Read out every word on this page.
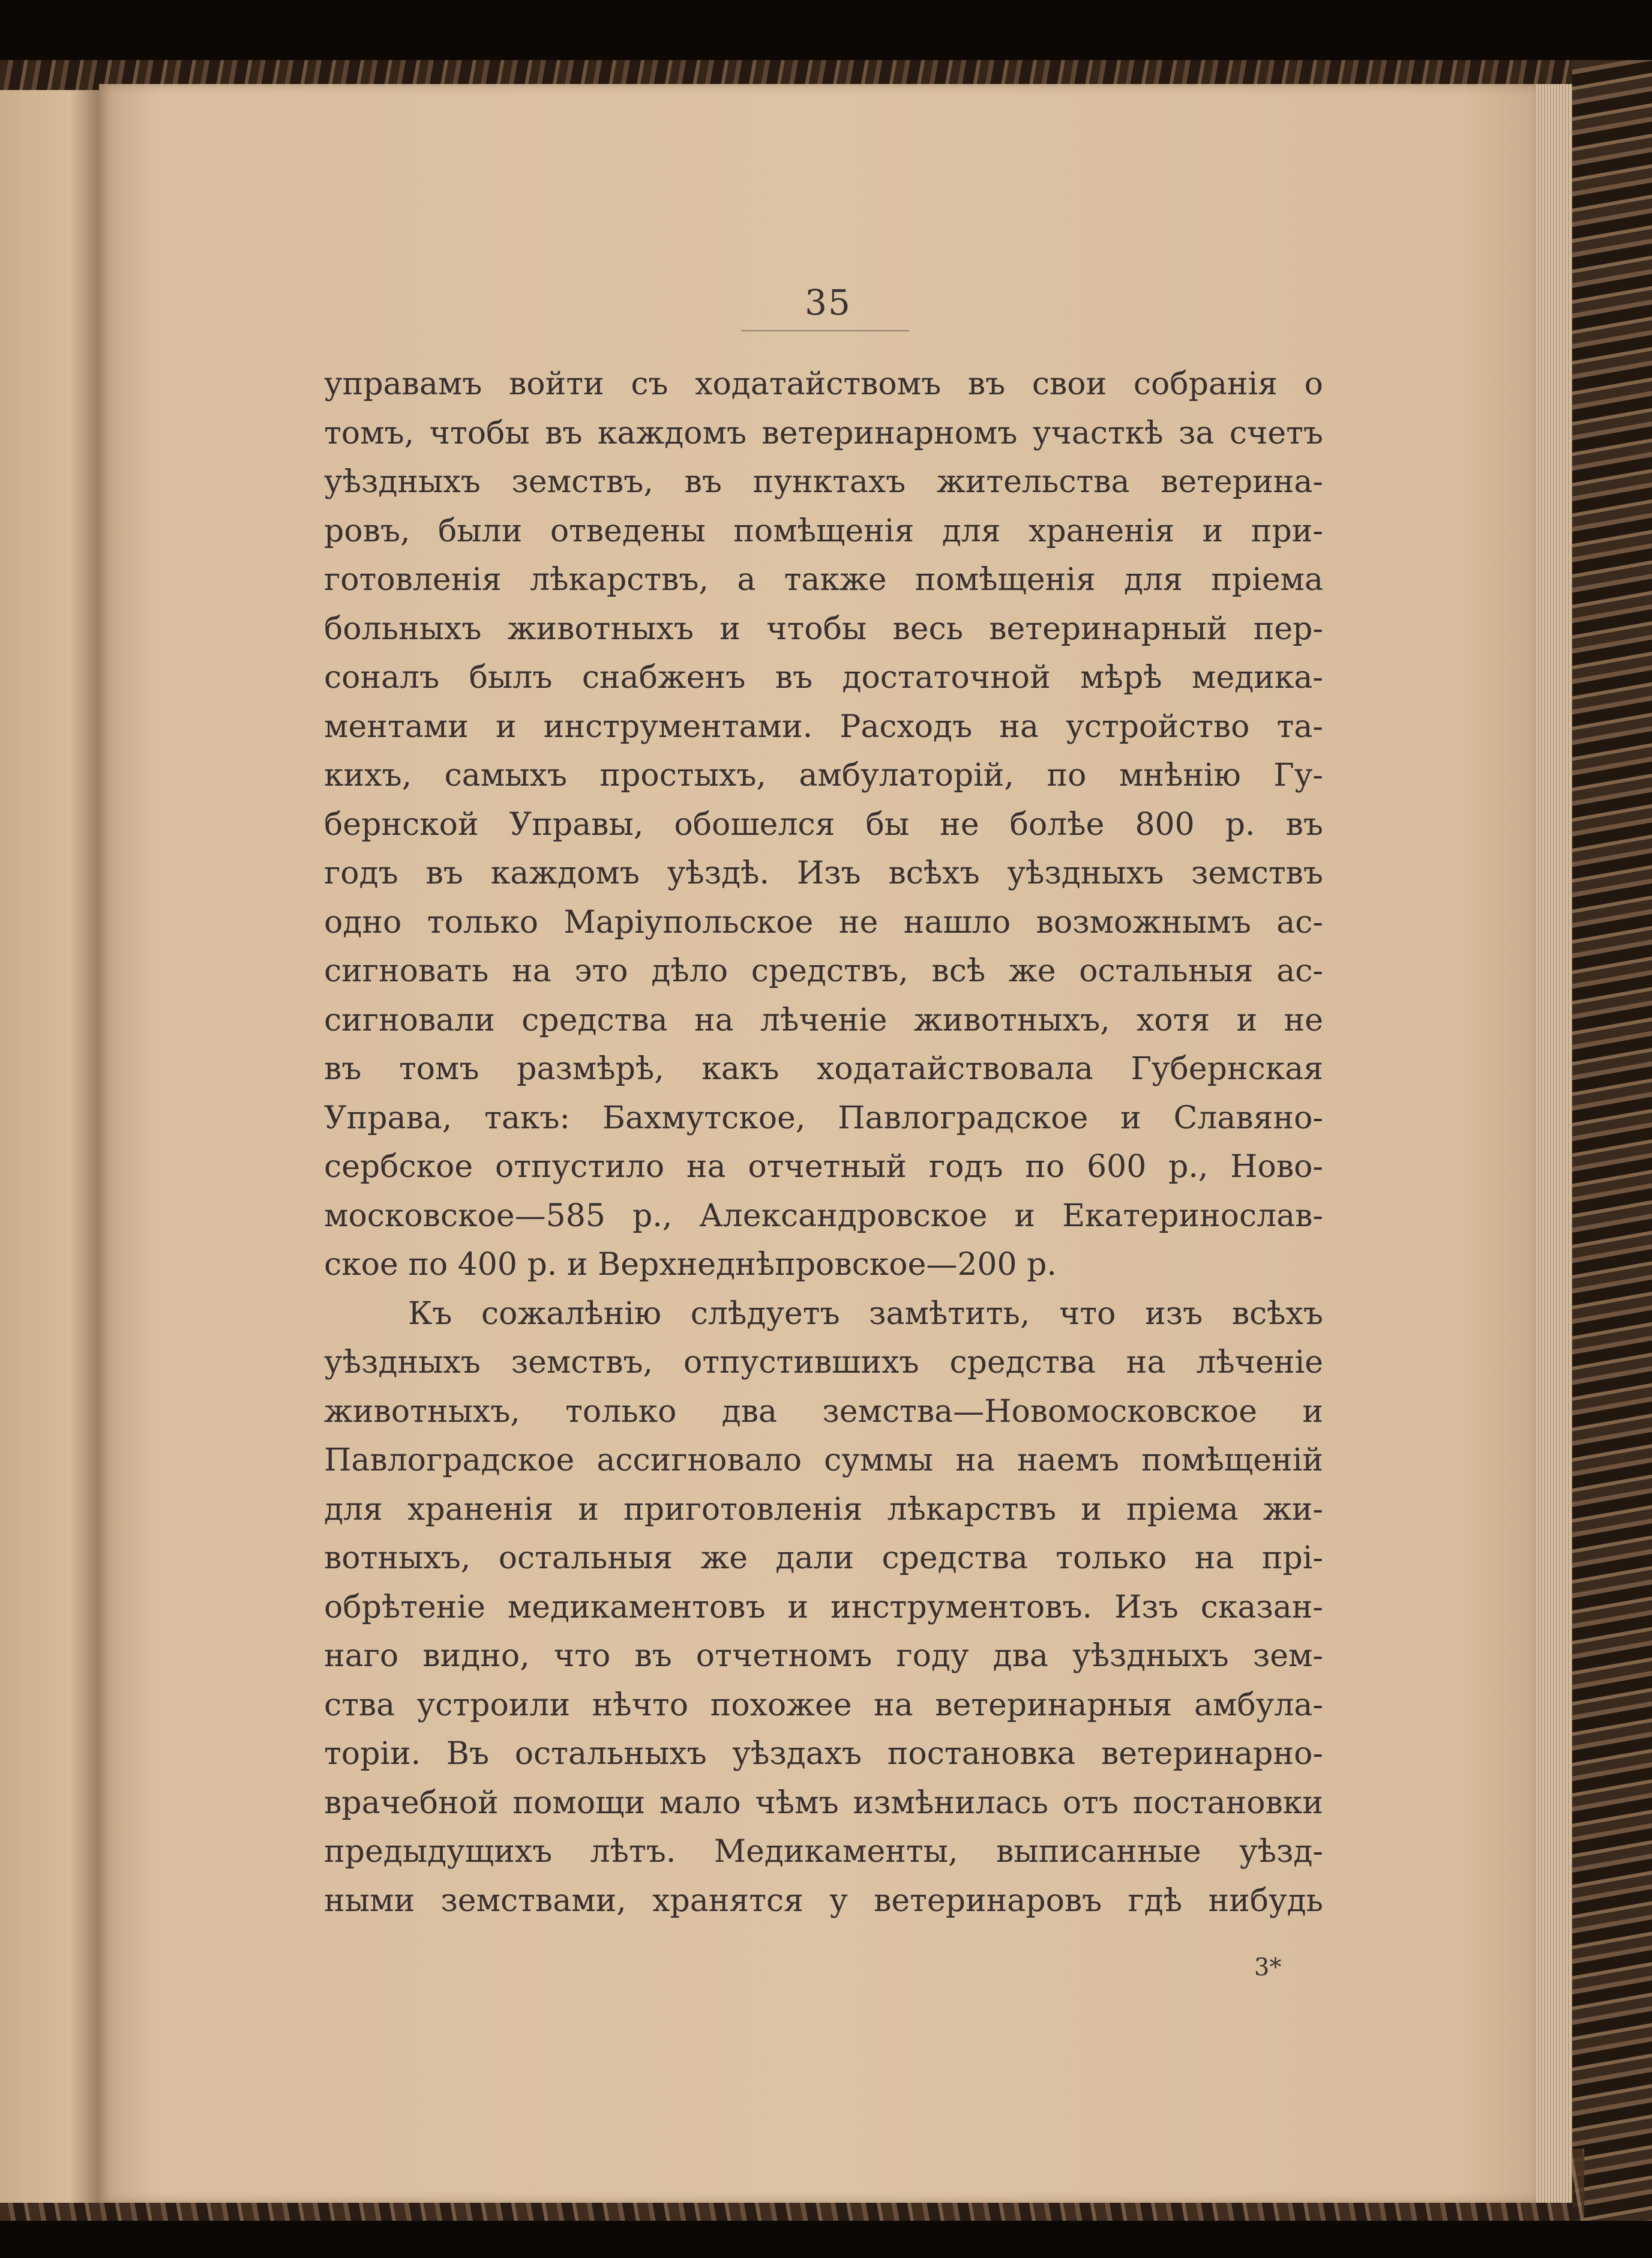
35
управамъ войти съ ходатайствомъ въ свои собранія о
томъ, чтобы въ каждомъ ветеринарномъ участкѣ за счетъ
уѣздныхъ земствъ, въ пунктахъ жительства ветерина-
ровъ, были отведены помѣщенія для храненія и при-
готовленія лѣкарствъ, а также помѣщенія для пріема
больныхъ животныхъ и чтобы весь ветеринарный пер-
соналъ былъ снабженъ въ достаточной мѣрѣ медика-
ментами и инструментами. Расходъ на устройство та-
кихъ, самыхъ простыхъ, амбулаторій, по мнѣнію Гу-
бернской Управы, обошелся бы не болѣе 800 р. въ
годъ въ каждомъ уѣздѣ. Изъ всѣхъ уѣздныхъ земствъ
одно только Маріупольское не нашло возможнымъ ас-
сигновать на это дѣло средствъ, всѣ же остальныя ас-
сигновали средства на лѣченіе животныхъ, хотя и не
въ томъ размѣрѣ, какъ ходатайствовала Губернская
Управа, такъ: Бахмутское, Павлоградское и Славяно-
сербское отпустило на отчетный годъ по 600 р., Ново-
московское—585 р., Александровское и Екатеринослав-
ское по 400 р. и Верхнеднѣпровское—200 р.
Къ сожалѣнію слѣдуетъ замѣтить, что изъ всѣхъ
уѣздныхъ земствъ, отпустившихъ средства на лѣченіе
животныхъ, только два земства—Новомосковское и
Павлоградское ассигновало суммы на наемъ помѣщеній
для храненія и приготовленія лѣкарствъ и пріема жи-
вотныхъ, остальныя же дали средства только на прі-
обрѣтеніе медикаментовъ и инструментовъ. Изъ сказан-
наго видно, что въ отчетномъ году два уѣздныхъ зем-
ства устроили нѣчто похожее на ветеринарныя амбула-
торіи. Въ остальныхъ уѣздахъ постановка ветеринарно-
врачебной помощи мало чѣмъ измѣнилась отъ постановки
предыдущихъ лѣтъ. Медикаменты, выписанные уѣзд-
ными земствами, хранятся у ветеринаровъ гдѣ нибудь
3*
